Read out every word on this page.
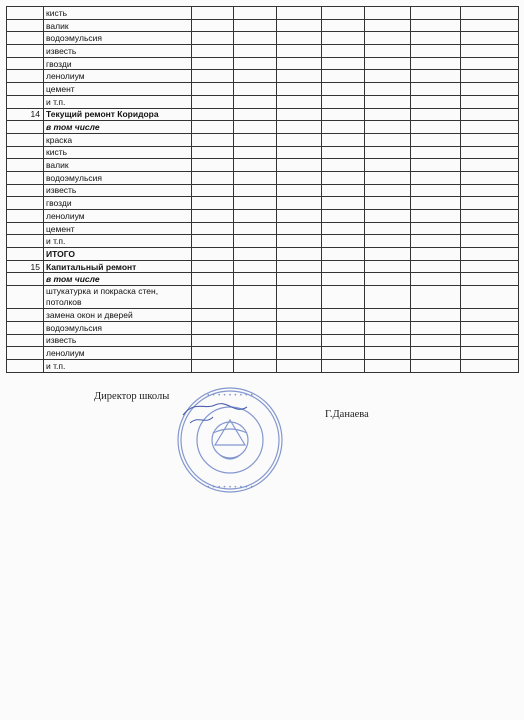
	кисть							
	валик							
	водоэмульсия							
	известь							
	гвозди							
	ленолиум							
	цемент							
	и т.п.							
14	Текущий ремонт Коридора							
	в том числе							
	краска							
	кисть							
	валик							
	водоэмульсия							
	известь							
	гвозди							
	ленолиум							
	цемент							
	и т.п.							
	ИТОГО							
15	Капитальный ремонт							
	в том числе							
	штукатурка и покраска стен, потолков							
	замена окон и дверей							
	водоэмульсия							
	известь							
	ленолиум							
	и т.п.							
Директор школы
Г.Данаева
• • • • • • • • •
• • • • • • • • •
